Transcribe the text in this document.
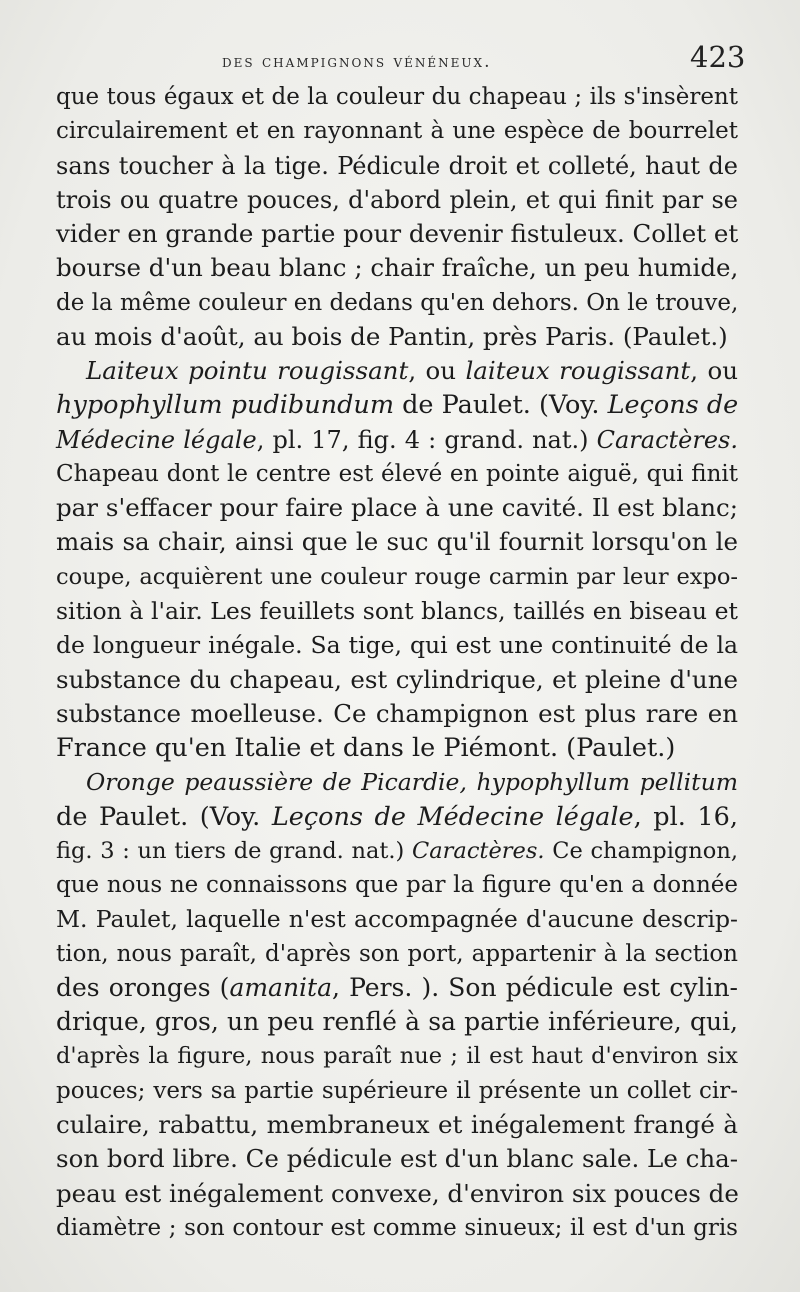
des champignons vénéneux.	423
que tous égaux et de la couleur du chapeau ; ils s'insèrent
circulairement et en rayonnant à une espèce de bourrelet
sans toucher à la tige. Pédicule droit et colleté, haut de
trois ou quatre pouces, d'abord plein, et qui finit par se
vider en grande partie pour devenir fistuleux. Collet et
bourse d'un beau blanc ; chair fraîche, un peu humide,
de la même couleur en dedans qu'en dehors. On le trouve,
au mois d'août, au bois de Pantin, près Paris. (Paulet.)
Laiteux pointu rougissant, ou laiteux rougissant, ou
hypophyllum pudibundum de Paulet. (Voy. Leçons de
Médecine légale, pl. 17, fig. 4 : grand. nat.) Caractères.
Chapeau dont le centre est élevé en pointe aiguë, qui finit
par s'effacer pour faire place à une cavité. Il est blanc;
mais sa chair, ainsi que le suc qu'il fournit lorsqu'on le
coupe, acquièrent une couleur rouge carmin par leur expo-
sition à l'air. Les feuillets sont blancs, taillés en biseau et
de longueur inégale. Sa tige, qui est une continuité de la
substance du chapeau, est cylindrique, et pleine d'une
substance moelleuse. Ce champignon est plus rare en
France qu'en Italie et dans le Piémont. (Paulet.)
Oronge peaussière de Picardie, hypophyllum pellitum
de Paulet. (Voy. Leçons de Médecine légale, pl. 16,
fig. 3 : un tiers de grand. nat.) Caractères. Ce champignon,
que nous ne connaissons que par la figure qu'en a donnée
M. Paulet, laquelle n'est accompagnée d'aucune descrip-
tion, nous paraît, d'après son port, appartenir à la section
des oronges (amanita, Pers. ). Son pédicule est cylin-
drique, gros, un peu renflé à sa partie inférieure, qui,
d'après la figure, nous paraît nue ; il est haut d'environ six
pouces; vers sa partie supérieure il présente un collet cir-
culaire, rabattu, membraneux et inégalement frangé à
son bord libre. Ce pédicule est d'un blanc sale. Le cha-
peau est inégalement convexe, d'environ six pouces de
diamètre ; son contour est comme sinueux; il est d'un gris
